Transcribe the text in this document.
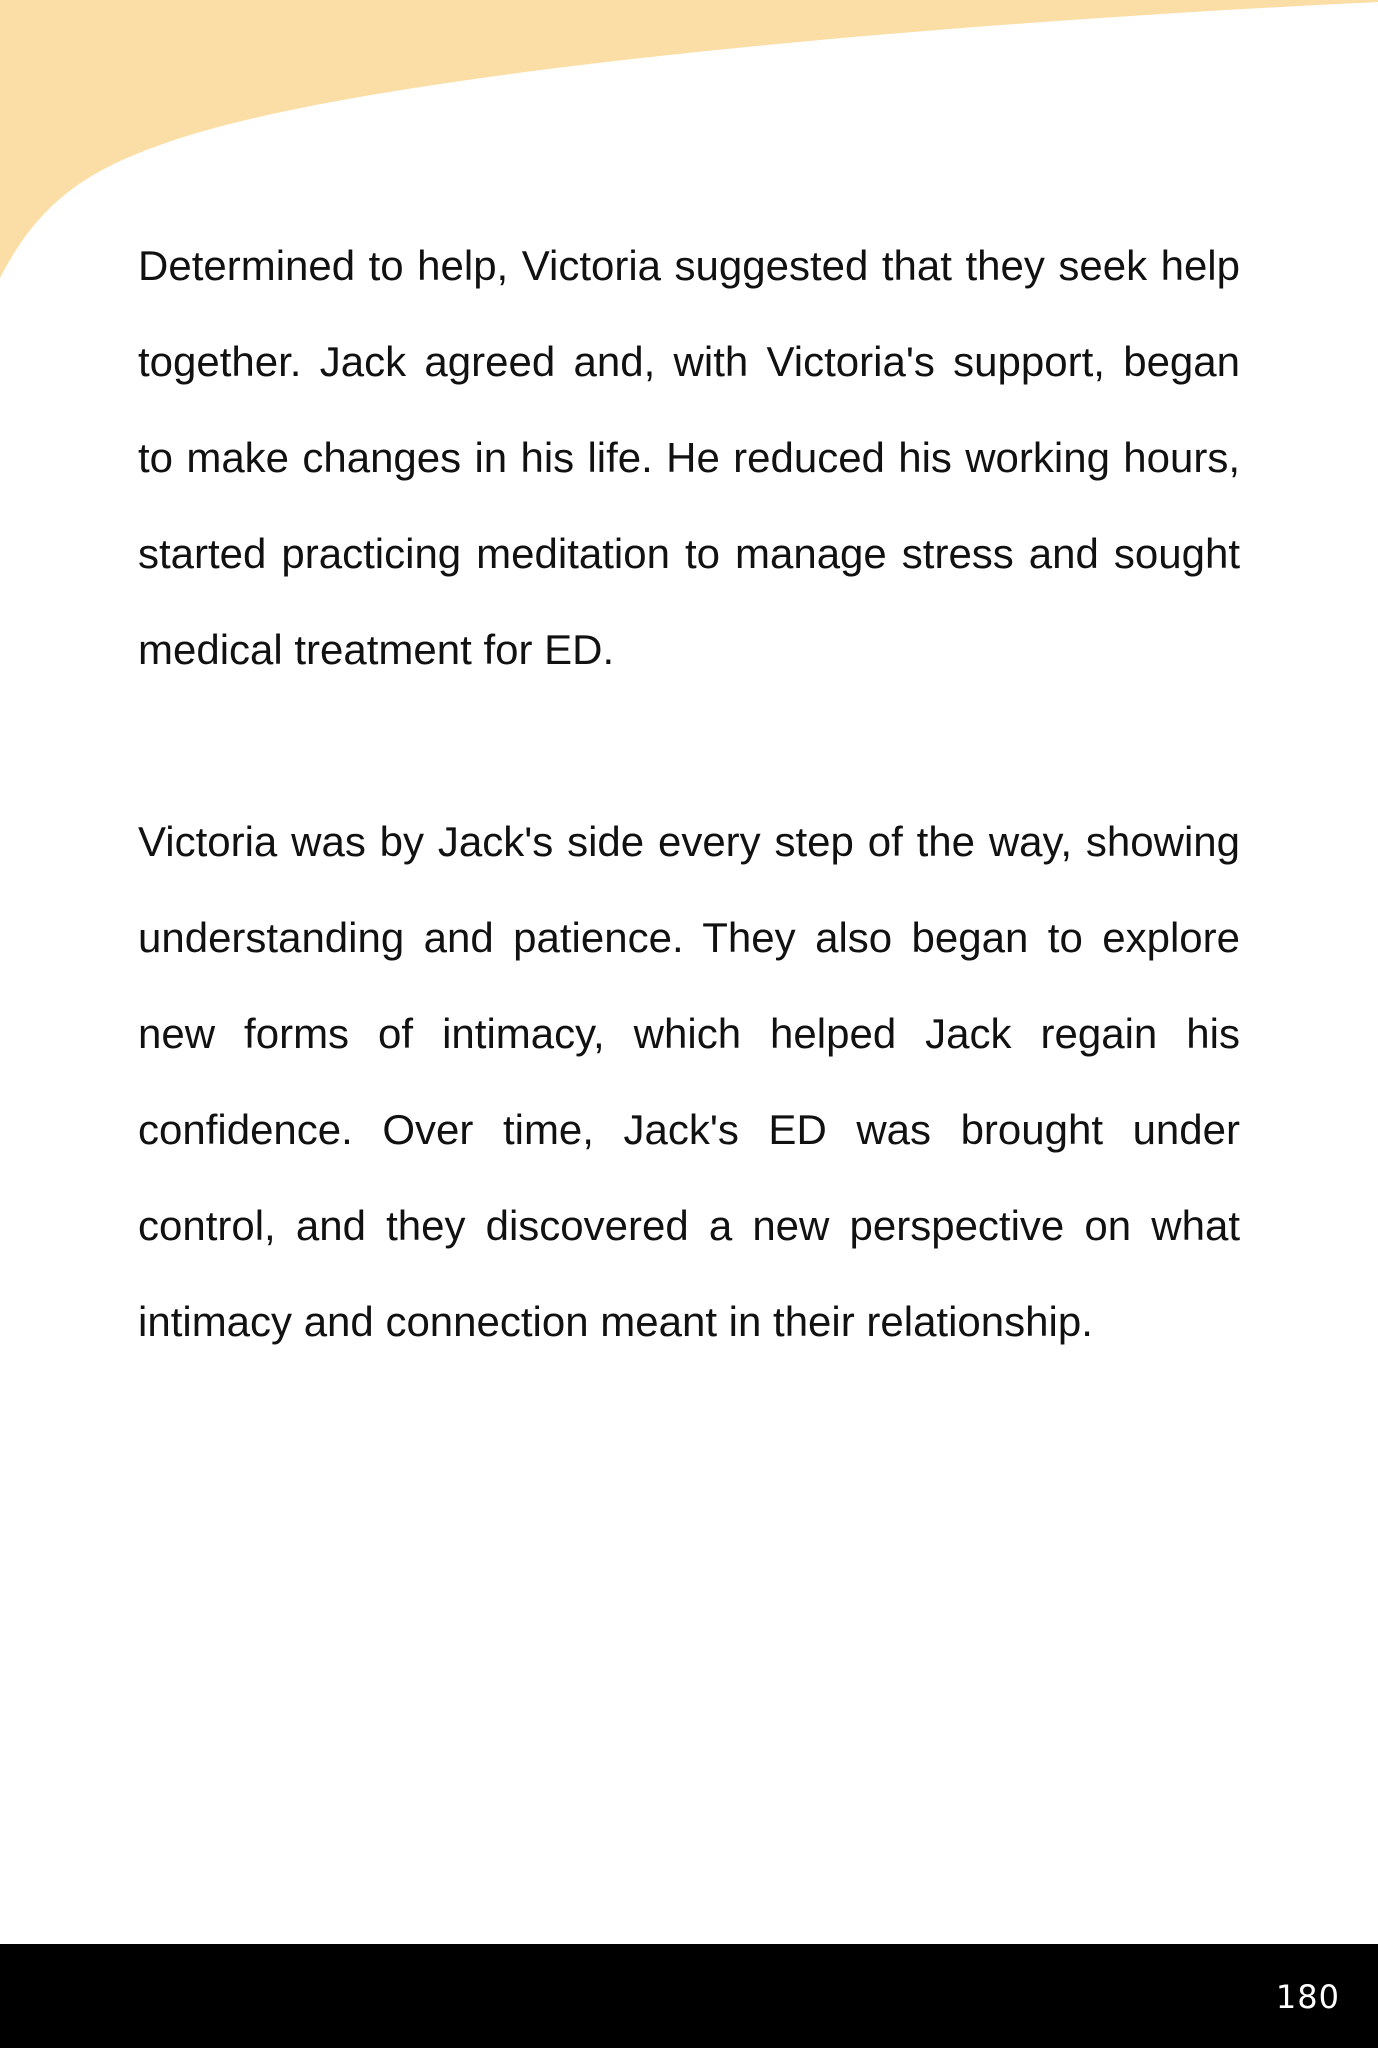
Determined to help, Victoria suggested that they seek help together. Jack agreed and, with Victoria's support, began to make changes in his life. He reduced his working hours, started practicing meditation to manage stress and sought medical treatment for ED.

Victoria was by Jack's side every step of the way, showing understanding and patience. They also began to explore new forms of intimacy, which helped Jack regain his confidence. Over time, Jack's ED was brought under control, and they discovered a new perspective on what intimacy and connection meant in their relationship.

180
